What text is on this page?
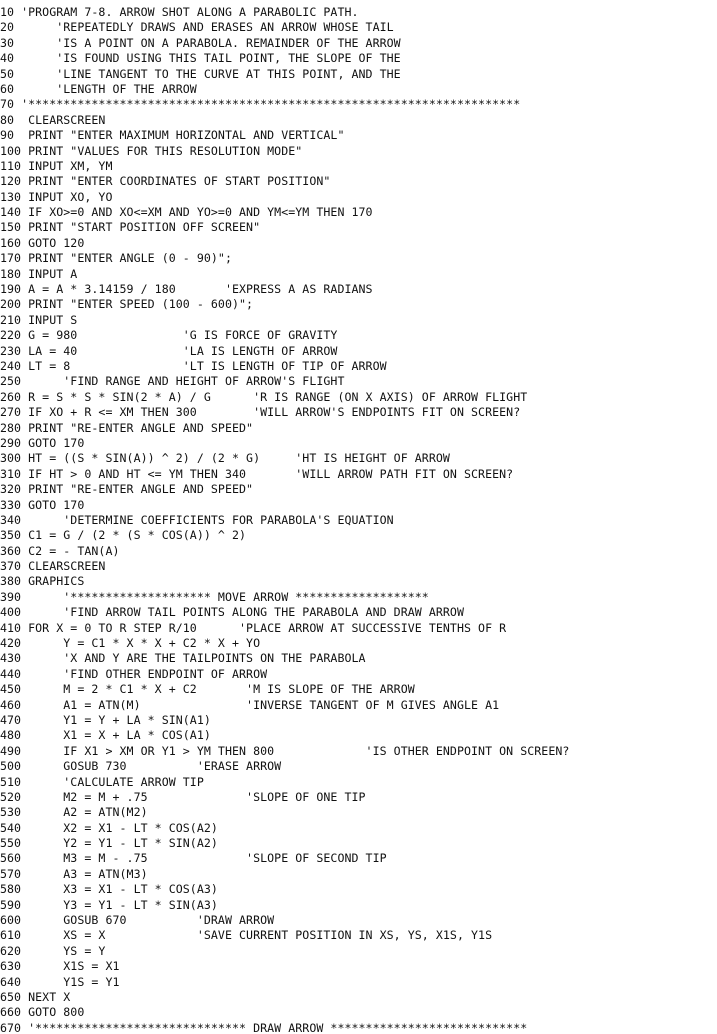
10 'PROGRAM 7-8. ARROW SHOT ALONG A PARABOLIC PATH.
20      'REPEATEDLY DRAWS AND ERASES AN ARROW WHOSE TAIL
30      'IS A POINT ON A PARABOLA. REMAINDER OF THE ARROW
40      'IS FOUND USING THIS TAIL POINT, THE SLOPE OF THE
50      'LINE TANGENT TO THE CURVE AT THIS POINT, AND THE
60      'LENGTH OF THE ARROW
70 '**********************************************************************
80  CLEARSCREEN
90  PRINT "ENTER MAXIMUM HORIZONTAL AND VERTICAL"
100 PRINT "VALUES FOR THIS RESOLUTION MODE"
110 INPUT XM, YM
120 PRINT "ENTER COORDINATES OF START POSITION"
130 INPUT XO, YO
140 IF XO>=0 AND XO<=XM AND YO>=0 AND YM<=YM THEN 170
150 PRINT "START POSITION OFF SCREEN"
160 GOTO 120
170 PRINT "ENTER ANGLE (0 - 90)";
180 INPUT A
190 A = A * 3.14159 / 180       'EXPRESS A AS RADIANS
200 PRINT "ENTER SPEED (100 - 600)";
210 INPUT S
220 G = 980               'G IS FORCE OF GRAVITY
230 LA = 40               'LA IS LENGTH OF ARROW
240 LT = 8                'LT IS LENGTH OF TIP OF ARROW
250      'FIND RANGE AND HEIGHT OF ARROW'S FLIGHT
260 R = S * S * SIN(2 * A) / G      'R IS RANGE (ON X AXIS) OF ARROW FLIGHT
270 IF XO + R <= XM THEN 300        'WILL ARROW'S ENDPOINTS FIT ON SCREEN?
280 PRINT "RE-ENTER ANGLE AND SPEED"
290 GOTO 170
300 HT = ((S * SIN(A)) ^ 2) / (2 * G)     'HT IS HEIGHT OF ARROW
310 IF HT > 0 AND HT <= YM THEN 340       'WILL ARROW PATH FIT ON SCREEN?
320 PRINT "RE-ENTER ANGLE AND SPEED"
330 GOTO 170
340      'DETERMINE COEFFICIENTS FOR PARABOLA'S EQUATION
350 C1 = G / (2 * (S * COS(A)) ^ 2)
360 C2 = - TAN(A)
370 CLEARSCREEN
380 GRAPHICS
390      '******************** MOVE ARROW *******************
400      'FIND ARROW TAIL POINTS ALONG THE PARABOLA AND DRAW ARROW
410 FOR X = 0 TO R STEP R/10      'PLACE ARROW AT SUCCESSIVE TENTHS OF R
420      Y = C1 * X * X + C2 * X + YO
430      'X AND Y ARE THE TAILPOINTS ON THE PARABOLA
440      'FIND OTHER ENDPOINT OF ARROW
450      M = 2 * C1 * X + C2       'M IS SLOPE OF THE ARROW
460      A1 = ATN(M)               'INVERSE TANGENT OF M GIVES ANGLE A1
470      Y1 = Y + LA * SIN(A1)
480      X1 = X + LA * COS(A1)
490      IF X1 > XM OR Y1 > YM THEN 800             'IS OTHER ENDPOINT ON SCREEN?
500      GOSUB 730          'ERASE ARROW
510      'CALCULATE ARROW TIP
520      M2 = M + .75              'SLOPE OF ONE TIP
530      A2 = ATN(M2)
540      X2 = X1 - LT * COS(A2)
550      Y2 = Y1 - LT * SIN(A2)
560      M3 = M - .75              'SLOPE OF SECOND TIP
570      A3 = ATN(M3)
580      X3 = X1 - LT * COS(A3)
590      Y3 = Y1 - LT * SIN(A3)
600      GOSUB 670          'DRAW ARROW
610      XS = X             'SAVE CURRENT POSITION IN XS, YS, X1S, Y1S
620      YS = Y
630      X1S = X1
640      Y1S = Y1
650 NEXT X
660 GOTO 800
670 '****************************** DRAW ARROW ****************************
